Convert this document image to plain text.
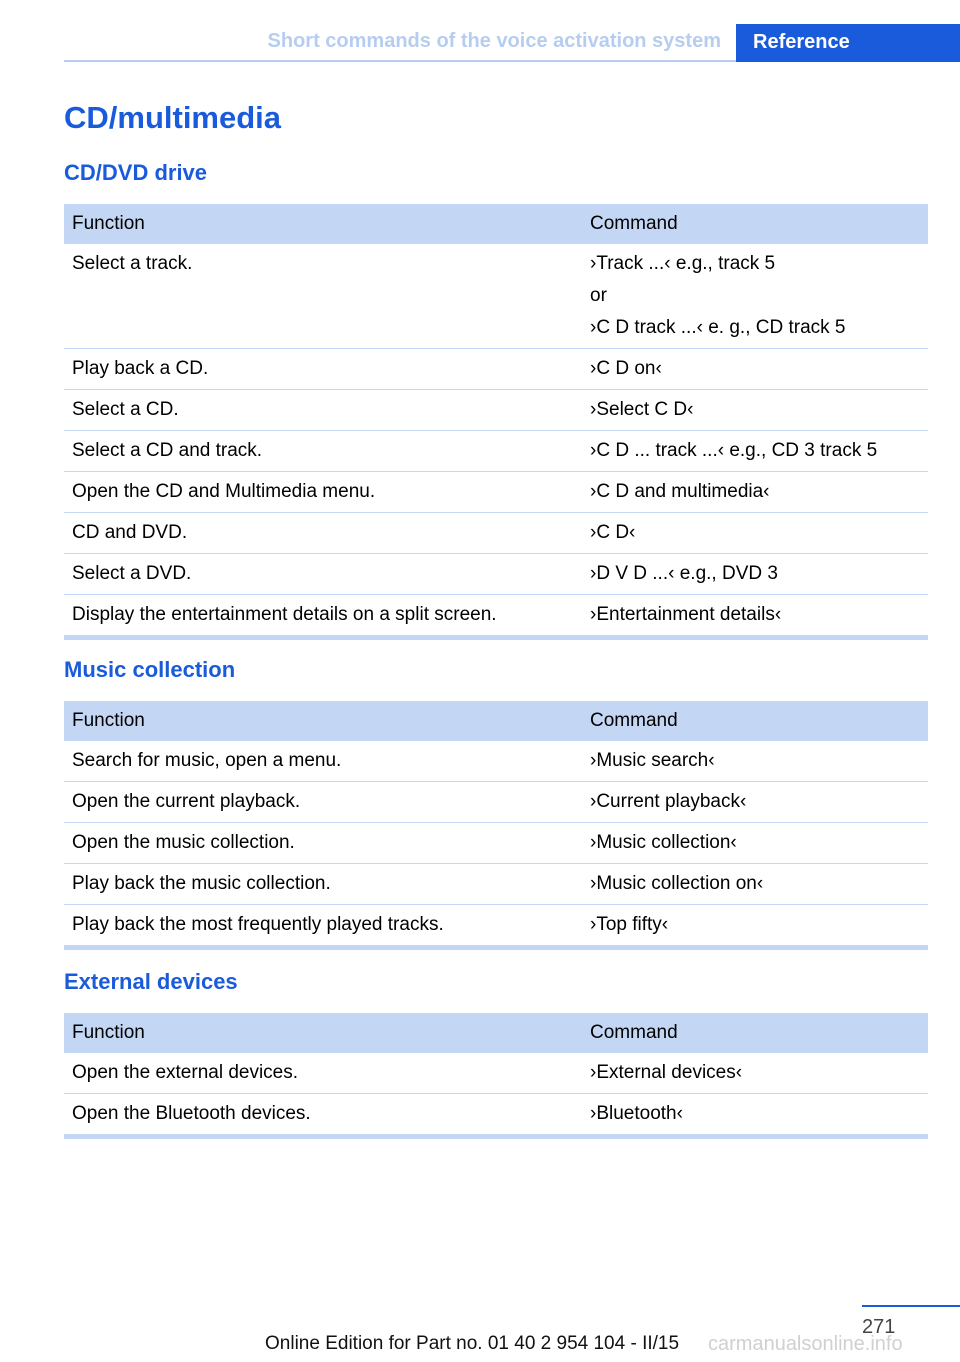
Short commands of the voice activation system	Reference
CD/multimedia
CD/DVD drive
Function	Command
Select a track.	›Track ...‹ e.g., track 5
or
›C D track ...‹ e. g., CD track 5

Play back a CD.	›C D on‹

Select a CD.	›Select C D‹

Select a CD and track.	›C D ... track ...‹ e.g., CD 3 track 5

Open the CD and Multimedia menu.	›C D and multimedia‹

CD and DVD.	›C D‹

Select a DVD.	›D V D ...‹ e.g., DVD 3

Display the entertainment details on a split screen.	›Entertainment details‹
Music collection
Function	Command
Search for music, open a menu.	›Music search‹

Open the current playback.	›Current playback‹

Open the music collection.	›Music collection‹

Play back the music collection.	›Music collection on‹

Play back the most frequently played tracks.	›Top fifty‹
External devices
Function	Command
Open the external devices.	›External devices‹

Open the Bluetooth devices.	›Bluetooth‹
271
Online Edition for Part no. 01 40 2 954 104 - II/15 carmanualsonline.info
